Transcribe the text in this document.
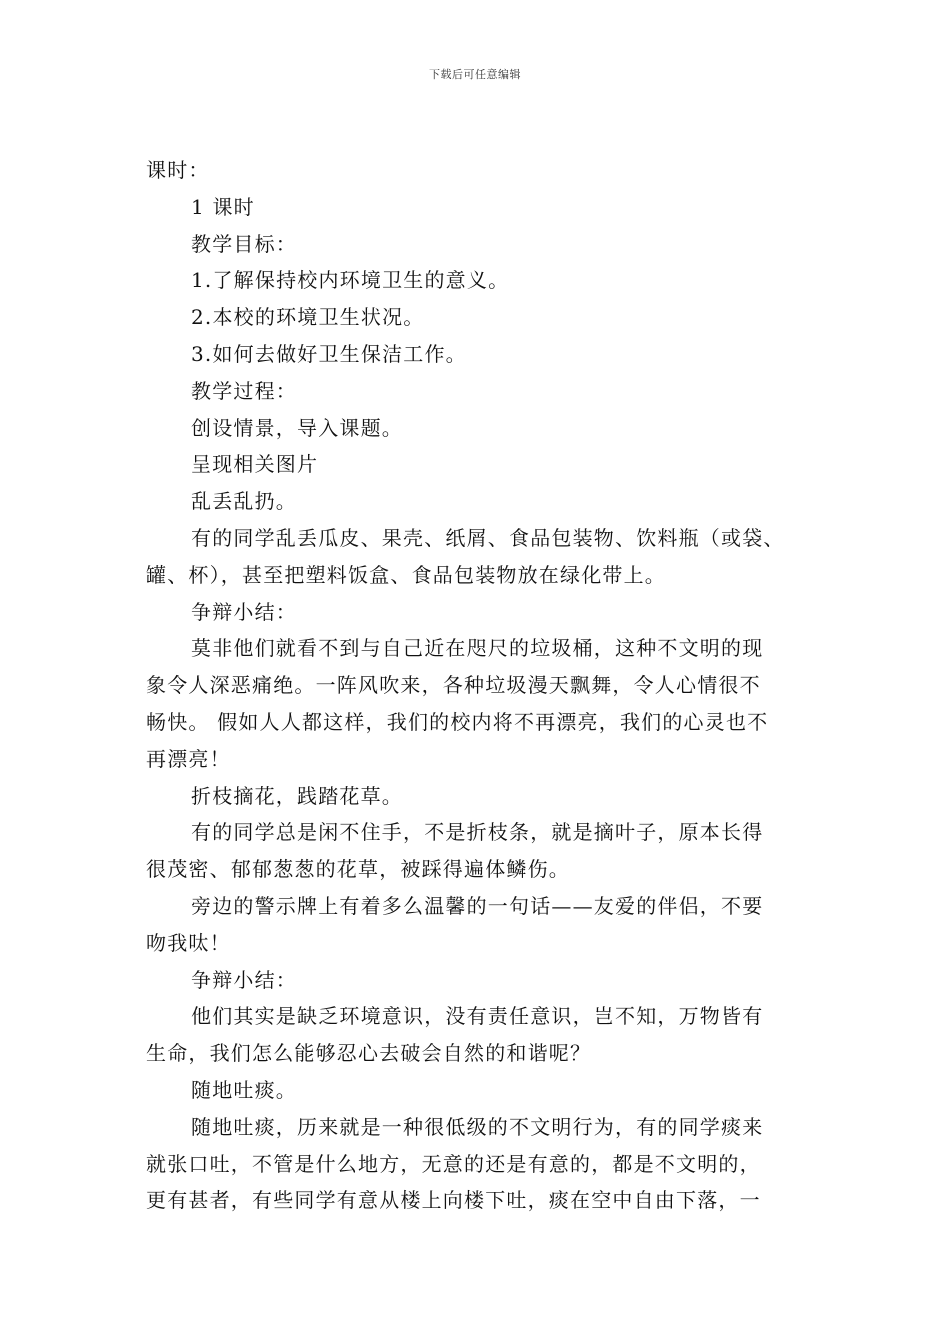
下载后可任意编辑
课时：
1 课时
教学目标：
1.了解保持校内环境卫生的意义。
2.本校的环境卫生状况。
3.如何去做好卫生保洁工作。
教学过程：
创设情景，导入课题。
呈现相关图片
乱丢乱扔。
有的同学乱丢瓜皮、果壳、纸屑、食品包装物、饮料瓶（或袋、
罐、杯），甚至把塑料饭盒、食品包装物放在绿化带上。
争辩小结：
莫非他们就看不到与自己近在咫尺的垃圾桶，这种不文明的现
象令人深恶痛绝。一阵风吹来，各种垃圾漫天飘舞，令人心情很不
畅快。 假如人人都这样，我们的校内将不再漂亮，我们的心灵也不
再漂亮！
折枝摘花，践踏花草。
有的同学总是闲不住手，不是折枝条，就是摘叶子，原本长得
很茂密、郁郁葱葱的花草，被踩得遍体鳞伤。
旁边的警示牌上有着多么温馨的一句话——友爱的伴侣，不要
吻我呔！
争辩小结：
他们其实是缺乏环境意识，没有责任意识，岂不知，万物皆有
生命，我们怎么能够忍心去破会自然的和谐呢？
随地吐痰。
随地吐痰，历来就是一种很低级的不文明行为，有的同学痰来
就张口吐，不管是什么地方，无意的还是有意的，都是不文明的，
更有甚者，有些同学有意从楼上向楼下吐，痰在空中自由下落，一
